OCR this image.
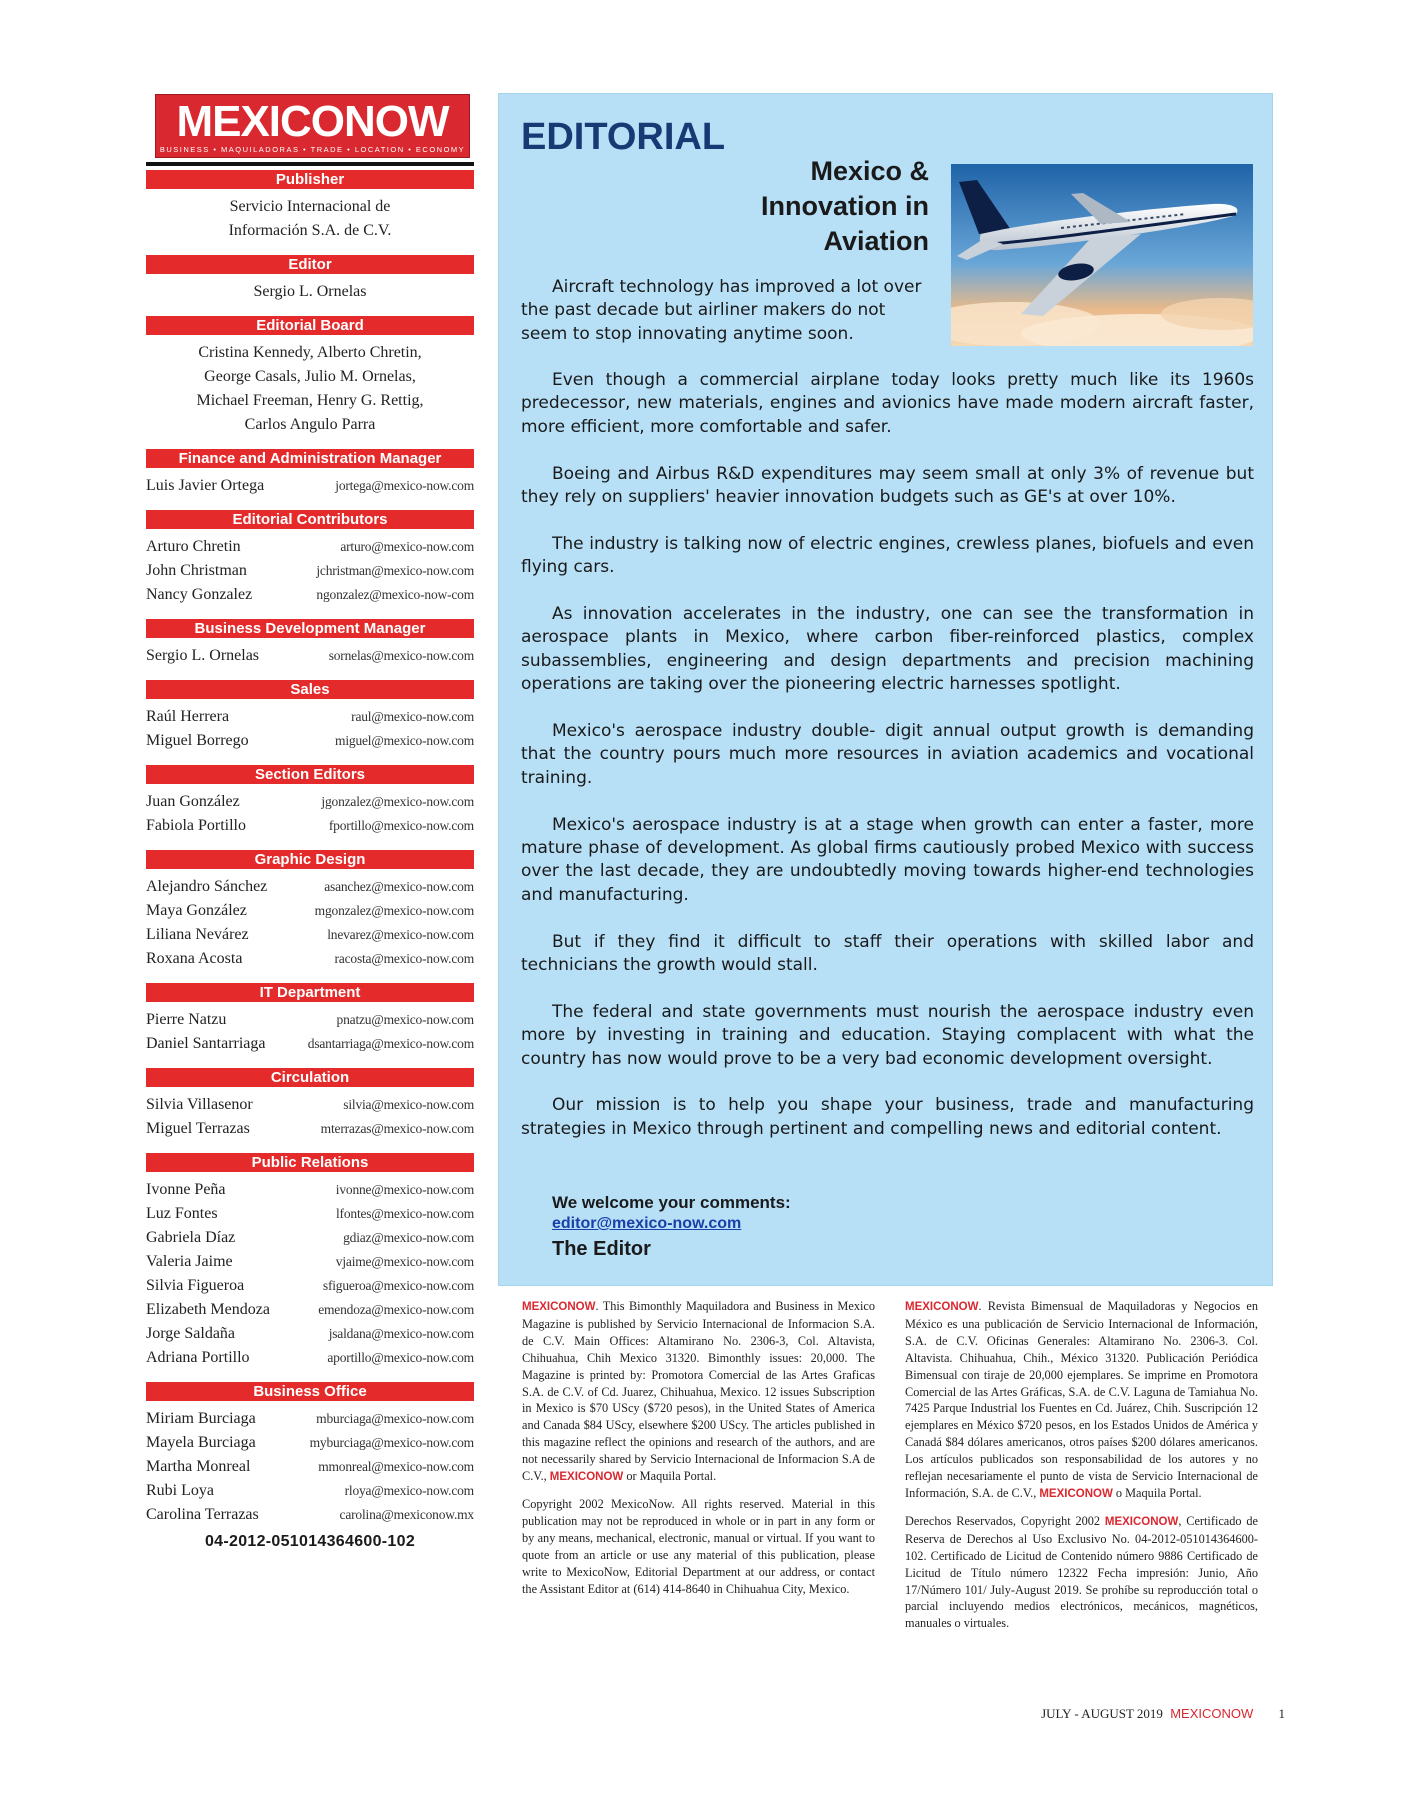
MEXICONOW
BUSINESS • MAQUILADORAS • TRADE • LOCATION • ECONOMY
Publisher
Servicio Internacional de
Información S.A. de C.V.
Editor
Sergio L. Ornelas
Editorial Board
Cristina Kennedy, Alberto Chretin,
George Casals, Julio M. Ornelas,
Michael Freeman, Henry G. Rettig,
Carlos Angulo Parra
Finance and Administration Manager
Luis Javier Ortega	jortega@mexico-now.com
Editorial Contributors
Arturo Chretin	arturo@mexico-now.com
John Christman	jchristman@mexico-now.com
Nancy Gonzalez	ngonzalez@mexico-now-com
Business Development Manager
Sergio L. Ornelas	sornelas@mexico-now.com
Sales
Raúl Herrera	raul@mexico-now.com
Miguel Borrego	miguel@mexico-now.com
Section Editors
Juan González	jgonzalez@mexico-now.com
Fabiola Portillo	fportillo@mexico-now.com
Graphic Design
Alejandro Sánchez	asanchez@mexico-now.com
Maya González	mgonzalez@mexico-now.com
Liliana Nevárez	lnevarez@mexico-now.com
Roxana Acosta	racosta@mexico-now.com
IT Department
Pierre Natzu	pnatzu@mexico-now.com
Daniel Santarriaga	dsantarriaga@mexico-now.com
Circulation
Silvia Villasenor	silvia@mexico-now.com
Miguel Terrazas	mterrazas@mexico-now.com
Public Relations
Ivonne Peña	ivonne@mexico-now.com
Luz Fontes	lfontes@mexico-now.com
Gabriela Díaz	gdiaz@mexico-now.com
Valeria Jaime	vjaime@mexico-now.com
Silvia Figueroa	sfigueroa@mexico-now.com
Elizabeth Mendoza	emendoza@mexico-now.com
Jorge Saldaña	jsaldana@mexico-now.com
Adriana Portillo	aportillo@mexico-now.com
Business Office
Miriam Burciaga	mburciaga@mexico-now.com
Mayela Burciaga	myburciaga@mexico-now.com
Martha Monreal	mmonreal@mexico-now.com
Rubi Loya	rloya@mexico-now.com
Carolina Terrazas	carolina@mexiconow.mx
04-2012-051014364600-102
EDITORIAL
Mexico &
Innovation in
Aviation
Aircraft technology has improved a lot over the past decade but airliner makers do not seem to stop innovating anytime soon.

Even though a commercial airplane today looks pretty much like its 1960s predecessor, new materials, engines and avionics have made modern aircraft faster, more efficient, more comfortable and safer.

Boeing and Airbus R&D expenditures may seem small at only 3% of revenue but they rely on suppliers' heavier innovation budgets such as GE's at over 10%.

The industry is talking now of electric engines, crewless planes, biofuels and even flying cars.

As innovation accelerates in the industry, one can see the transformation in aerospace plants in Mexico, where carbon fiber-reinforced plastics, complex subassemblies, engineering and design departments and precision machining operations are taking over the pioneering electric harnesses spotlight.

Mexico's aerospace industry double- digit annual output growth is demanding that the country pours much more resources in aviation academics and vocational training.

Mexico's aerospace industry is at a stage when growth can enter a faster, more mature phase of development. As global firms cautiously probed Mexico with success over the last decade, they are undoubtedly moving towards higher-end technologies and manufacturing.

But if they find it difficult to staff their operations with skilled labor and technicians the growth would stall.

The federal and state governments must nourish the aerospace industry even more by investing in training and education. Staying complacent with what the country has now would prove to be a very bad economic development oversight.

Our mission is to help you shape your business, trade and manufacturing strategies in Mexico through pertinent and compelling news and editorial content.

We welcome your comments:
editor@mexico-now.com
The Editor

MEXICONOW. This Bimonthly Maquiladora and Business in Mexico Magazine is published by Servicio Internacional de Informacion S.A. de C.V. Main Offices: Altamirano No. 2306-3, Col. Altavista, Chihuahua, Chih Mexico 31320. Bimonthly issues: 20,000. The Magazine is printed by: Promotora Comercial de las Artes Graficas S.A. de C.V. of Cd. Juarez, Chihuahua, Mexico. 12 issues Subscription in Mexico is $70 UScy ($720 pesos), in the United States of America and Canada $84 UScy, elsewhere $200 UScy. The articles published in this magazine reflect the opinions and research of the authors, and are not necessarily shared by Servicio Internacional de Informacion S.A de C.V., MEXICONOW or Maquila Portal.

Copyright 2002 MexicoNow. All rights reserved. Material in this publication may not be reproduced in whole or in part in any form or by any means, mechanical, electronic, manual or virtual. If you want to quote from an article or use any material of this publication, please write to MexicoNow, Editorial Department at our address, or contact the Assistant Editor at (614) 414-8640 in Chihuahua City, Mexico.

MEXICONOW. Revista Bimensual de Maquiladoras y Negocios en México es una publicación de Servicio Internacional de Información, S.A. de C.V. Oficinas Generales: Altamirano No. 2306-3. Col. Altavista. Chihuahua, Chih., México 31320. Publicación Periódica Bimensual con tiraje de 20,000 ejemplares. Se imprime en Promotora Comercial de las Artes Gráficas, S.A. de C.V. Laguna de Tamiahua No. 7425 Parque Industrial los Fuentes en Cd. Juárez, Chih. Suscripción 12 ejemplares en México $720 pesos, en los Estados Unidos de América y Canadá $84 dólares americanos, otros países $200 dólares americanos. Los artículos publicados son responsabilidad de los autores y no reflejan necesariamente el punto de vista de Servicio Internacional de Información, S.A. de C.V., MEXICONOW o Maquila Portal.

Derechos Reservados, Copyright 2002 MEXICONOW, Certificado de Reserva de Derechos al Uso Exclusivo No. 04-2012-051014364600-102. Certificado de Licitud de Contenido número 9886 Certificado de Licitud de Título número 12322 Fecha impresión: Junio, Año 17/Número 101/ July-August 2019. Se prohíbe su reproducción total o parcial incluyendo medios electrónicos, mecánicos, magnéticos, manuales o virtuales.

JULY - AUGUST 2019 MEXICONOW 1
